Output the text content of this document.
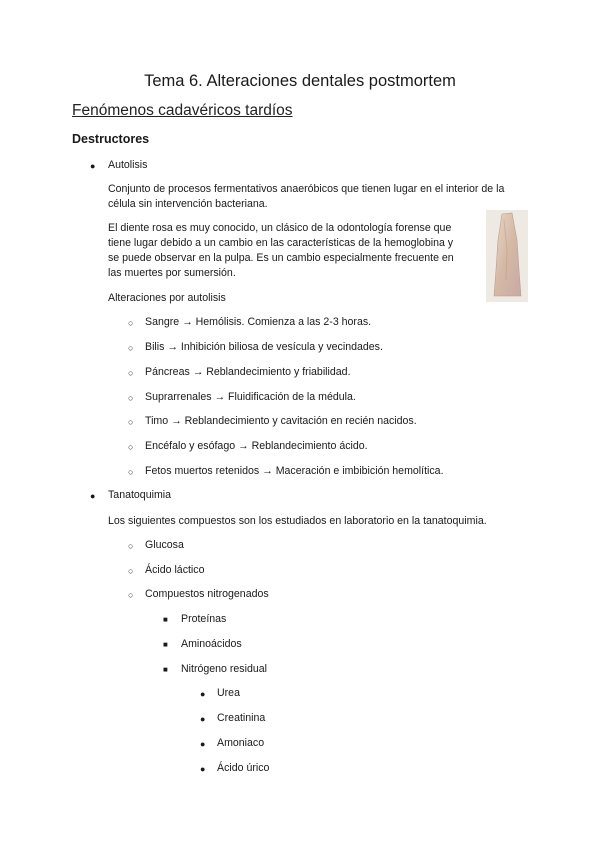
Tema 6. Alteraciones dentales postmortem
Fenómenos cadavéricos tardíos
Destructores
● Autolisis
Conjunto de procesos fermentativos anaeróbicos que tienen lugar en el interior de la
célula sin intervención bacteriana.
El diente rosa es muy conocido, un clásico de la odontología forense que
tiene lugar debido a un cambio en las características de la hemoglobina y
se puede observar en la pulpa. Es un cambio especialmente frecuente en
las muertes por sumersión.
Alteraciones por autolisis
○ Sangre → Hemólisis. Comienza a las 2-3 horas.
○ Bilis → Inhibición biliosa de vesícula y vecindades.
○ Páncreas → Reblandecimiento y friabilidad.
○ Suprarrenales → Fluidificación de la médula.
○ Timo → Reblandecimiento y cavitación en recién nacidos.
○ Encéfalo y esófago → Reblandecimiento ácido.
○ Fetos muertos retenidos → Maceración e imbibición hemolítica.
● Tanatoquimia
Los siguientes compuestos son los estudiados en laboratorio en la tanatoquimia.
○ Glucosa
○ Ácido láctico
○ Compuestos nitrogenados
■ Proteínas
■ Aminoácidos
■ Nitrógeno residual
● Urea
● Creatinina
● Amoniaco
● Ácido úrico
